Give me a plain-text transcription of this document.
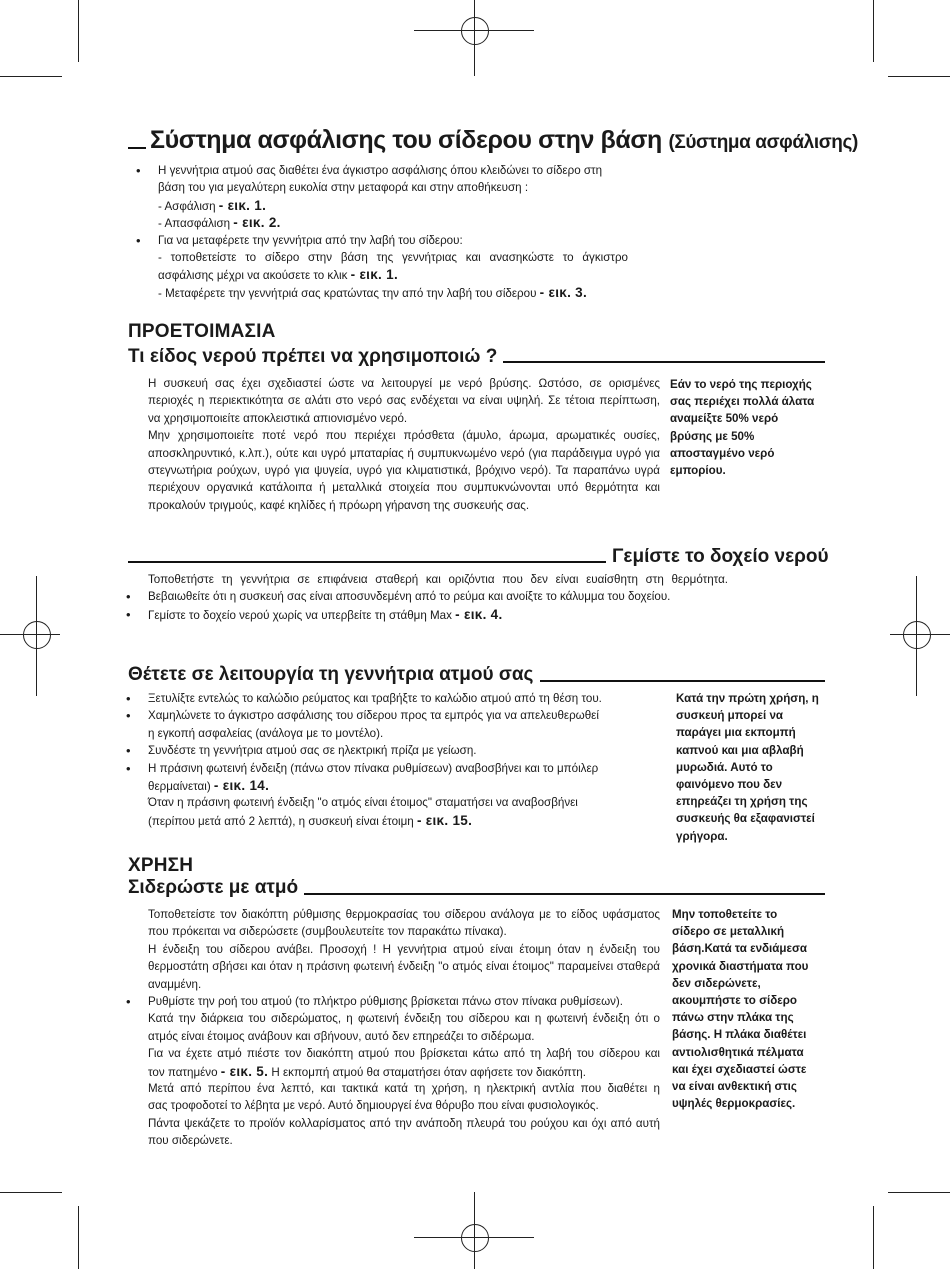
Σύστημα ασφάλισης του σίδερου στην βάση (Σύστημα ασφάλισης)
• Η γεννήτρια ατμού σας διαθέτει ένα άγκιστρο ασφάλισης όπου κλειδώνει το σίδερο στη
βάση του για μεγαλύτερη ευκολία στην μεταφορά και στην αποθήκευση :
- Ασφάλιση - εικ. 1.
- Απασφάλιση - εικ. 2.
• Για να μεταφέρετε την γεννήτρια από την λαβή του σίδερου:
- τοποθετείστε το σίδερο στην βάση της γεννήτριας και ανασηκώστε το άγκιστρο
ασφάλισης μέχρι να ακούσετε το κλικ - εικ. 1.
- Μεταφέρετε την γεννήτριά σας κρατώντας την από την λαβή του σίδερου - εικ. 3.
ΠΡΟΕΤΟΙΜΑΣΙΑ
Τι είδος νερού πρέπει να χρησιμοποιώ ?
• Η συσκευή σας έχει σχεδιαστεί ώστε να λειτουργεί με νερό βρύσης. Ωστόσο, σε ορισμένες
περιοχές η περιεκτικότητα σε αλάτι στο νερό σας ενδέχεται να είναι υψηλή. Σε τέτοια περίπτωση,
να χρησιμοποιείτε αποκλειστικά απιονισμένο νερό.
• Μην χρησιμοποιείτε ποτέ νερό που περιέχει πρόσθετα (άμυλο, άρωμα, αρωματικές ουσίες,
αποσκληρυντικό, κ.λπ.), ούτε και υγρό μπαταρίας ή συμπυκνωμένο νερό (για παράδειγμα υγρό για
στεγνωτήρια ρούχων, υγρό για ψυγεία, υγρό για κλιματιστικά, βρόχινο νερό). Τα παραπάνω υγρά
περιέχουν οργανικά κατάλοιπα ή μεταλλικά στοιχεία που συμπυκνώνονται υπό θερμότητα και
προκαλούν τριγμούς, καφέ κηλίδες ή πρόωρη γήρανση της συσκευής σας.
Εάν το νερό της περιοχής
σας περιέχει πολλά άλατα
αναμείξτε 50% νερό
βρύσης με 50%
αποσταγμένο νερό
εμπορίου.
Γεμίστε το δοχείο νερού
• Τοποθετήστε τη γεννήτρια σε επιφάνεια σταθερή και οριζόντια που δεν είναι ευαίσθητη στη θερμότητα.
• Βεβαιωθείτε ότι η συσκευή σας είναι αποσυνδεμένη από το ρεύμα και ανοίξτε το κάλυμμα του δοχείου.
• Γεμίστε το δοχείο νερού χωρίς να υπερβείτε τη στάθμη Max - εικ. 4.
Θέτετε σε λειτουργία τη γεννήτρια ατμού σας
• Ξετυλίξτε εντελώς το καλώδιο ρεύματος και τραβήξτε το καλώδιο ατμού από τη θέση του.
• Χαμηλώνετε το άγκιστρο ασφάλισης του σίδερου προς τα εμπρός για να απελευθερωθεί
η εγκοπή ασφαλείας (ανάλογα με το μοντέλο).
• Συνδέστε τη γεννήτρια ατμού σας σε ηλεκτρική πρίζα με γείωση.
• Η πράσινη φωτεινή ένδειξη (πάνω στον πίνακα ρυθμίσεων) αναβοσβήνει και το μπόιλερ
θερμαίνεται) - εικ. 14.
Όταν η πράσινη φωτεινή ένδειξη "ο ατμός είναι έτοιμος" σταματήσει να αναβοσβήνει
(περίπου μετά από 2 λεπτά), η συσκευή είναι έτοιμη - εικ. 15.
Κατά την πρώτη χρήση, η
συσκευή μπορεί να
παράγει μια εκπομπή
καπνού και μια αβλαβή
μυρωδιά. Αυτό το
φαινόμενο που δεν
επηρεάζει τη χρήση της
συσκευής θα εξαφανιστεί
γρήγορα.
ΧΡΗΣΗ
Σιδερώστε με ατμό
• Τοποθετείστε τον διακόπτη ρύθμισης θερμοκρασίας του σίδερου ανάλογα με το είδος υφάσματος
που πρόκειται να σιδερώσετε (συμβουλευτείτε τον παρακάτω πίνακα).
• Η ένδειξη του σίδερου ανάβει. Προσοχή ! Η γεννήτρια ατμού είναι έτοιμη όταν η ένδειξη του
θερμοστάτη σβήσει και όταν η πράσινη φωτεινή ένδειξη "ο ατμός είναι έτοιμος" παραμείνει σταθερά
αναμμένη.
• Ρυθμίστε την ροή του ατμού (το πλήκτρο ρύθμισης βρίσκεται πάνω στον πίνακα ρυθμίσεων).
• Κατά την διάρκεια του σιδερώματος, η φωτεινή ένδειξη του σίδερου και η φωτεινή ένδειξη ότι ο
ατμός είναι έτοιμος ανάβουν και σβήνουν, αυτό δεν επηρεάζει το σιδέρωμα.
• Για να έχετε ατμό πιέστε τον διακόπτη ατμού που βρίσκεται κάτω από τη λαβή του σίδερου και
τον πατημένο - εικ. 5. Η εκπομπή ατμού θα σταματήσει όταν αφήσετε τον διακόπτη.
• Μετά από περίπου ένα λεπτό, και τακτικά κατά τη χρήση, η ηλεκτρική αντλία που διαθέτει η
σας τροφοδοτεί το λέβητα με νερό. Αυτό δημιουργεί ένα θόρυβο που είναι φυσιολογικός.
• Πάντα ψεκάζετε το προϊόν κολλαρίσματος από την ανάποδη πλευρά του ρούχου και όχι από αυτή
που σιδερώνετε.
Μην τοποθετείτε το
σίδερο σε μεταλλική
βάση.Κατά τα ενδιάμεσα
χρονικά διαστήματα που
δεν σιδερώνετε,
ακουμπήστε το σίδερο
πάνω στην πλάκα της
βάσης. Η πλάκα διαθέτει
αντιολισθητικά πέλματα
και έχει σχεδιαστεί ώστε
να είναι ανθεκτική στις
υψηλές θερμοκρασίες.
